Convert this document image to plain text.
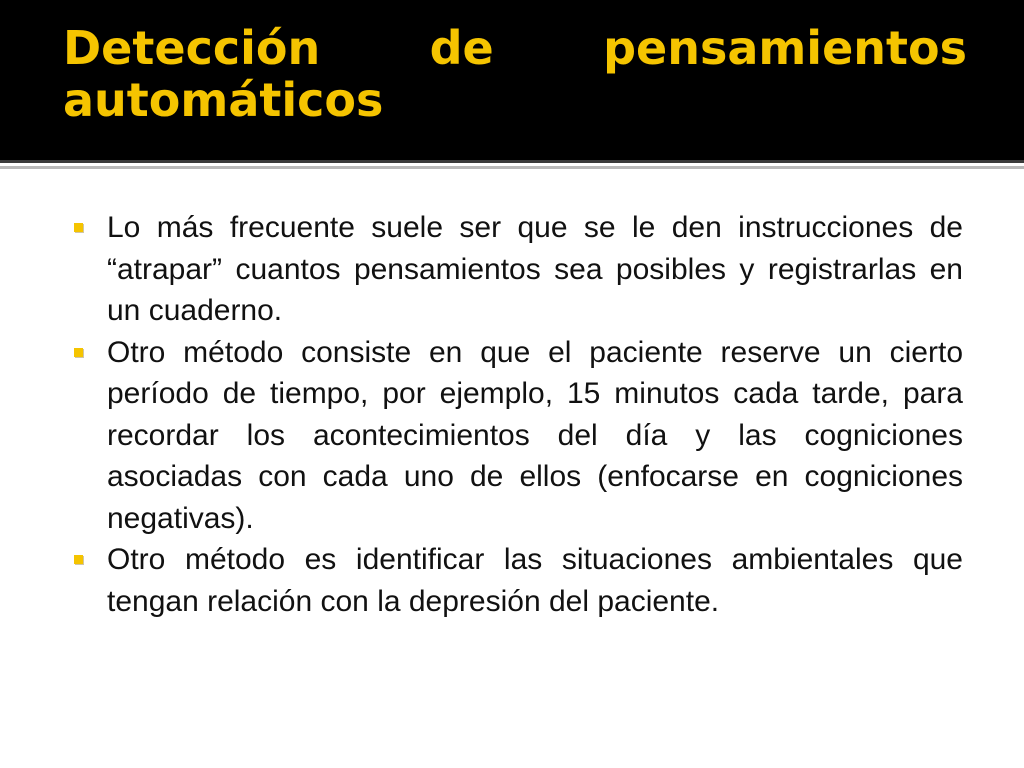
Detección de pensamientos automáticos
Lo más frecuente suele ser que se le den instrucciones de “atrapar” cuantos pensamientos sea posibles y registrarlas en un cuaderno.
Otro método consiste en que el paciente reserve un cierto período de tiempo, por ejemplo, 15 minutos cada tarde, para recordar los acontecimientos del día y las cogniciones asociadas con cada uno de ellos (enfocarse en cogniciones negativas).
Otro método es identificar las situaciones ambientales que tengan relación con la depresión del paciente.
